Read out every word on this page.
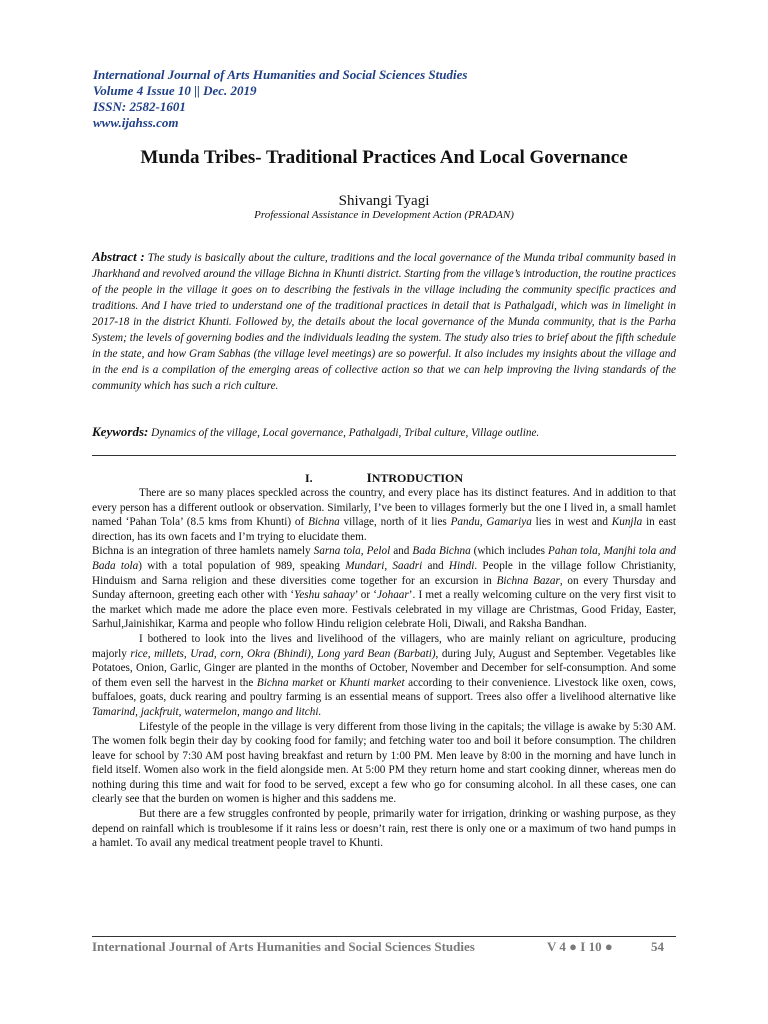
International Journal of Arts Humanities and Social Sciences Studies
Volume 4 Issue 10 || Dec. 2019
ISSN: 2582-1601
www.ijahss.com
Munda Tribes- Traditional Practices And Local Governance
Shivangi Tyagi
Professional Assistance in Development Action (PRADAN)
Abstract : The study is basically about the culture, traditions and the local governance of the Munda tribal community based in Jharkhand and revolved around the village Bichna in Khunti district. Starting from the village’s introduction, the routine practices of the people in the village it goes on to describing the festivals in the village including the community specific practices and traditions. And I have tried to understand one of the traditional practices in detail that is Pathalgadi, which was in limelight in 2017-18 in the district Khunti. Followed by, the details about the local governance of the Munda community, that is the Parha System; the levels of governing bodies and the individuals leading the system. The study also tries to brief about the fifth schedule in the state, and how Gram Sabhas (the village level meetings) are so powerful. It also includes my insights about the village and in the end is a compilation of the emerging areas of collective action so that we can help improving the living standards of the community which has such a rich culture.
Keywords: Dynamics of the village, Local governance, Pathalgadi, Tribal culture, Village outline.
I.	INTRODUCTION

There are so many places speckled across the country, and every place has its distinct features. And in addition to that every person has a different outlook or observation. Similarly, I’ve been to villages formerly but the one I lived in, a small hamlet named ‘Pahan Tola’ (8.5 kms from Khunti) of Bichna village, north of it lies Pandu, Gamariya lies in west and Kunjla in east direction, has its own facets and I’m trying to elucidate them.

Bichna is an integration of three hamlets namely Sarna tola, Pelol and Bada Bichna (which includes Pahan tola, Manjhi tola and Bada tola) with a total population of 989, speaking Mundari, Saadri and Hindi. People in the village follow Christianity, Hinduism and Sarna religion and these diversities come together for an excursion in Bichna Bazar, on every Thursday and Sunday afternoon, greeting each other with ‘Yeshu sahaay’ or ‘Johaar’. I met a really welcoming culture on the very first visit to the market which made me adore the place even more. Festivals celebrated in my village are Christmas, Good Friday, Easter, Sarhul,Jainishikar, Karma and people who follow Hindu religion celebrate Holi, Diwali, and Raksha Bandhan.

I bothered to look into the lives and livelihood of the villagers, who are mainly reliant on agriculture, producing majorly rice, millets, Urad, corn, Okra (Bhindi), Long yard Bean (Barbati), during July, August and September. Vegetables like Potatoes, Onion, Garlic, Ginger are planted in the months of October, November and December for self-consumption. And some of them even sell the harvest in the Bichna market or Khunti market according to their convenience. Livestock like oxen, cows, buffaloes, goats, duck rearing and poultry farming is an essential means of support. Trees also offer a livelihood alternative like Tamarind, jackfruit, watermelon, mango and litchi.

Lifestyle of the people in the village is very different from those living in the capitals; the village is awake by 5:30 AM. The women folk begin their day by cooking food for family; and fetching water too and boil it before consumption. The children leave for school by 7:30 AM post having breakfast and return by 1:00 PM. Men leave by 8:00 in the morning and have lunch in field itself. Women also work in the field alongside men. At 5:00 PM they return home and start cooking dinner, whereas men do nothing during this time and wait for food to be served, except a few who go for consuming alcohol. In all these cases, one can clearly see that the burden on women is higher and this saddens me.

But there are a few struggles confronted by people, primarily water for irrigation, drinking or washing purpose, as they depend on rainfall which is troublesome if it rains less or doesn’t rain, rest there is only one or a maximum of two hand pumps in a hamlet. To avail any medical treatment people travel to Khunti.

International Journal of Arts Humanities and Social Sciences Studies	V 4 ● I 10 ●	54
